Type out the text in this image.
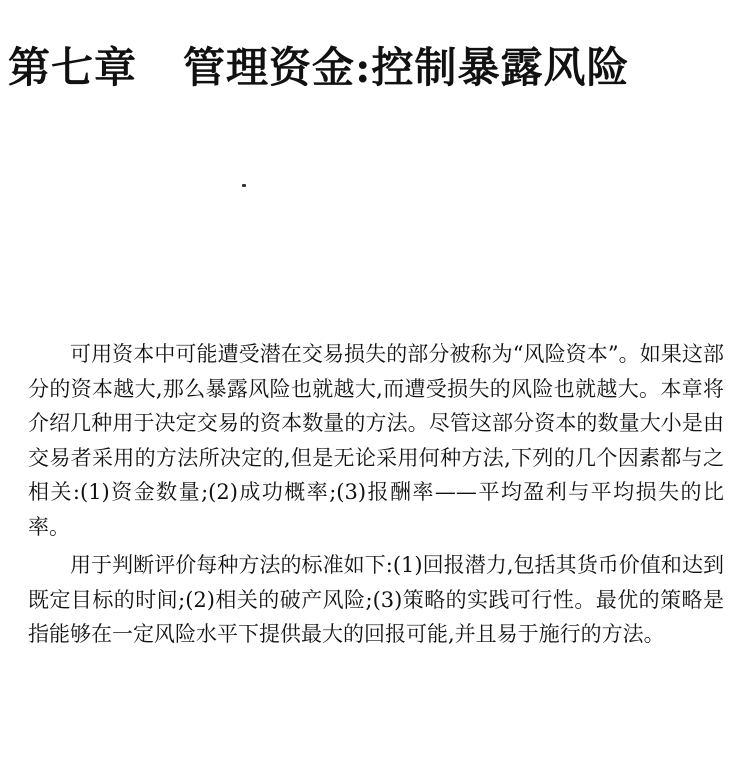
第七章 管理资金:控制暴露风险

可用资本中可能遭受潜在交易损失的部分被称为“风险资本”。如果这部分的资本越大,那么暴露风险也就越大,而遭受损失的风险也就越大。本章将介绍几种用于决定交易的资本数量的方法。尽管这部分资本的数量大小是由交易者采用的方法所决定的,但是无论采用何种方法,下列的几个因素都与之相关:(1)资金数量;(2)成功概率;(3)报酬率——平均盈利与平均损失的比率。

用于判断评价每种方法的标准如下:(1)回报潜力,包括其货币价值和达到既定目标的时间;(2)相关的破产风险;(3)策略的实践可行性。最优的策略是指能够在一定风险水平下提供最大的回报可能,并且易于施行的方法。
